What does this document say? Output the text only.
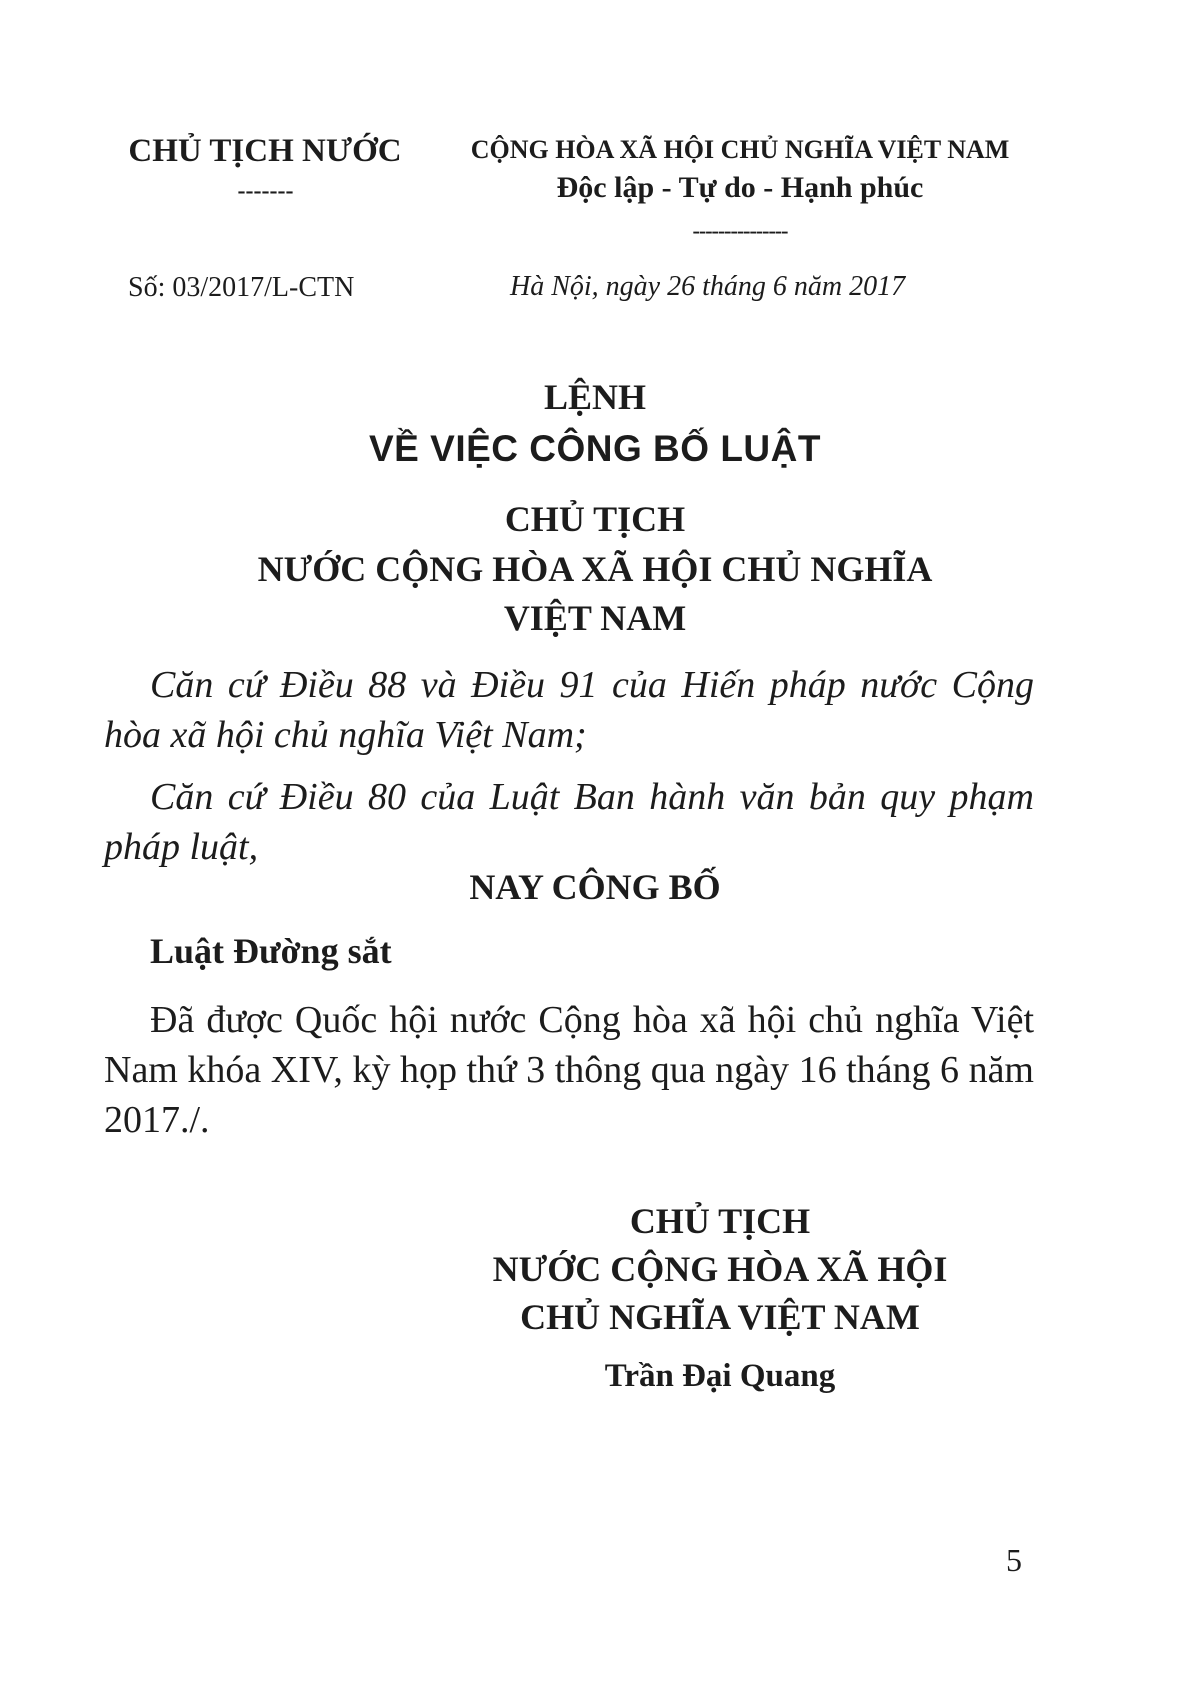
CHỦ TỊCH NƯỚC
-------
CỘNG HÒA XÃ HỘI CHỦ NGHĨA VIỆT NAM
Độc lập - Tự do - Hạnh phúc
---------------
Số: 03/2017/L-CTN	Hà Nội, ngày 26 tháng 6 năm 2017
LỆNH
VỀ VIỆC CÔNG BỐ LUẬT
CHỦ TỊCH
NƯỚC CỘNG HÒA XÃ HỘI CHỦ NGHĨA
VIỆT NAM

Căn cứ Điều 88 và Điều 91 của Hiến pháp nước Cộng hòa xã hội chủ nghĩa Việt Nam;

Căn cứ Điều 80 của Luật Ban hành văn bản quy phạm pháp luật,

NAY CÔNG BỐ
Luật Đường sắt

Đã được Quốc hội nước Cộng hòa xã hội chủ nghĩa Việt Nam khóa XIV, kỳ họp thứ 3 thông qua ngày 16 tháng 6 năm 2017./.

CHỦ TỊCH
NƯỚC CỘNG HÒA XÃ HỘI
CHỦ NGHĨA VIỆT NAM
Trần Đại Quang
5
